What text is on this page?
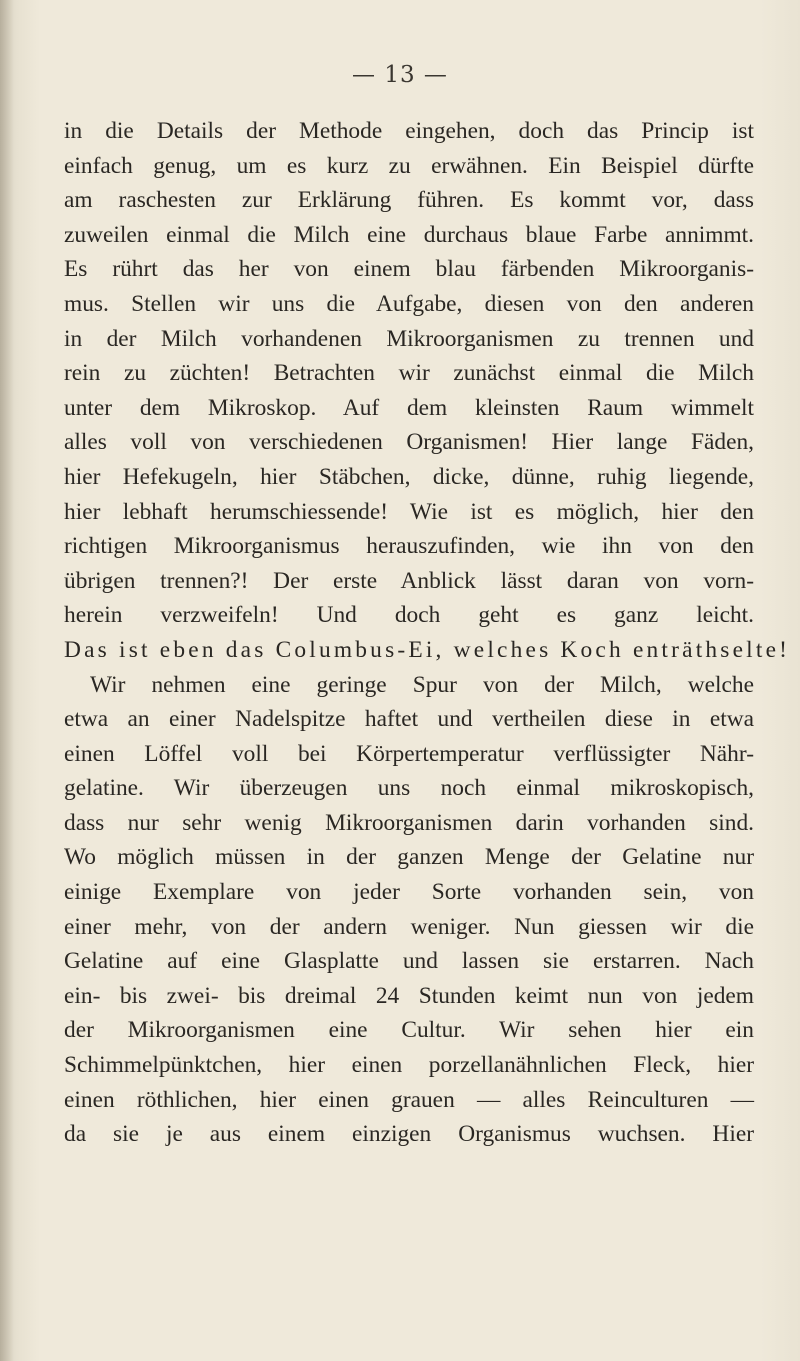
— 13 —

in die Details der Methode eingehen, doch das Princip ist
einfach genug, um es kurz zu erwähnen. Ein Beispiel dürfte
am raschesten zur Erklärung führen. Es kommt vor, dass
zuweilen einmal die Milch eine durchaus blaue Farbe annimmt.
Es rührt das her von einem blau färbenden Mikroorganis-
mus. Stellen wir uns die Aufgabe, diesen von den anderen
in der Milch vorhandenen Mikroorganismen zu trennen und
rein zu züchten! Betrachten wir zunächst einmal die Milch
unter dem Mikroskop. Auf dem kleinsten Raum wimmelt
alles voll von verschiedenen Organismen! Hier lange Fäden,
hier Hefekugeln, hier Stäbchen, dicke, dünne, ruhig liegende,
hier lebhaft herumschiessende! Wie ist es möglich, hier den
richtigen Mikroorganismus herauszufinden, wie ihn von den
übrigen trennen?! Der erste Anblick lässt daran von vorn-
herein verzweifeln! Und doch geht es ganz leicht.
Das ist eben das Columbus-Ei, welches Koch enträthselte!

Wir nehmen eine geringe Spur von der Milch, welche
etwa an einer Nadelspitze haftet und vertheilen diese in etwa
einen Löffel voll bei Körpertemperatur verflüssigter Nähr-
gelatine. Wir überzeugen uns noch einmal mikroskopisch,
dass nur sehr wenig Mikroorganismen darin vorhanden sind.
Wo möglich müssen in der ganzen Menge der Gelatine nur
einige Exemplare von jeder Sorte vorhanden sein, von
einer mehr, von der andern weniger. Nun giessen wir die
Gelatine auf eine Glasplatte und lassen sie erstarren. Nach
ein- bis zwei- bis dreimal 24 Stunden keimt nun von jedem
der Mikroorganismen eine Cultur. Wir sehen hier ein
Schimmelpünktchen, hier einen porzellanähnlichen Fleck, hier
einen röthlichen, hier einen grauen — alles Reinculturen —
da sie je aus einem einzigen Organismus wuchsen. Hier
